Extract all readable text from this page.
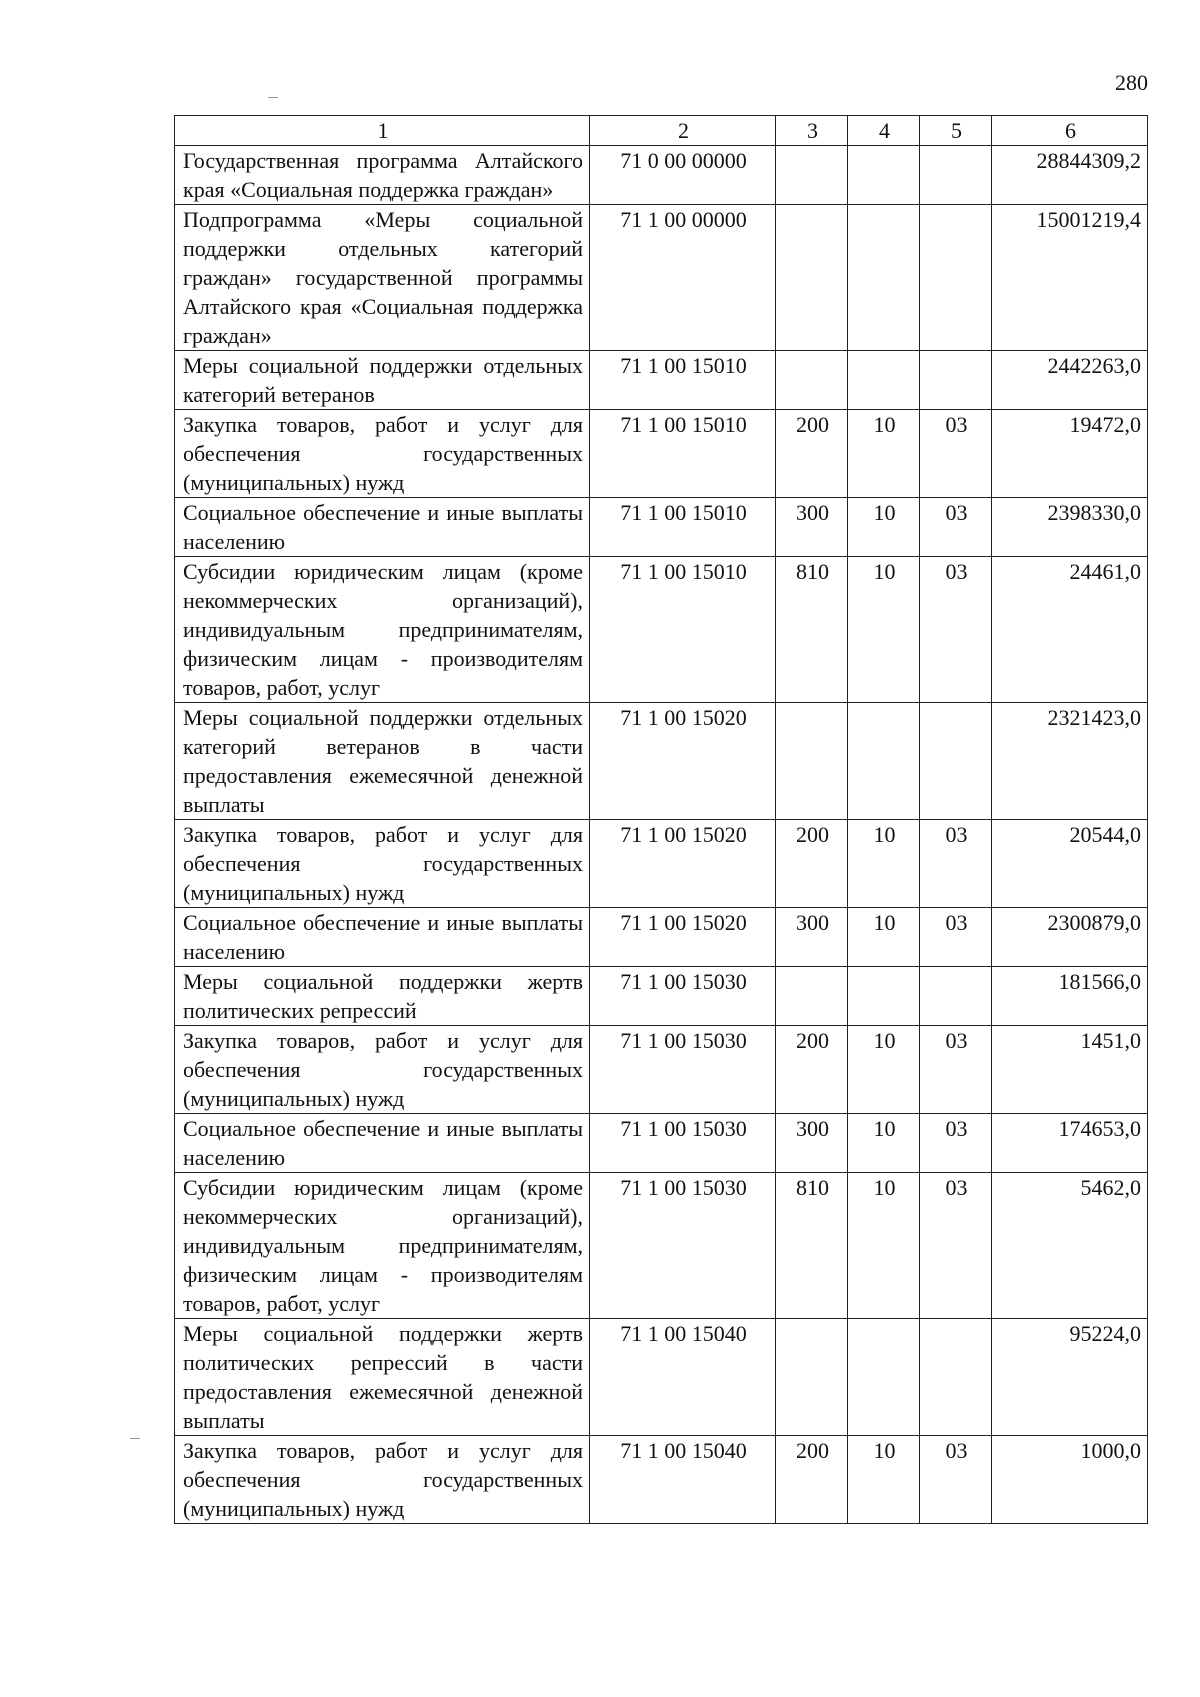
280
1	2	3	4	5	6
Государственная программа Алтайского края «Социальная поддержка граждан»	71 0 00 00000				28844309,2
Подпрограмма «Меры социальной поддержки отдельных категорий граждан» государственной программы Алтайского края «Социальная поддержка граждан»	71 1 00 00000				15001219,4
Меры социальной поддержки отдельных категорий ветеранов	71 1 00 15010				2442263,0
Закупка товаров, работ и услуг для обеспечения государственных (муниципальных) нужд	71 1 00 15010	200	10	03	19472,0
Социальное обеспечение и иные выплаты населению	71 1 00 15010	300	10	03	2398330,0
Субсидии юридическим лицам (кроме некоммерческих организаций), индивидуальным предпринимателям, физическим лицам - производителям товаров, работ, услуг	71 1 00 15010	810	10	03	24461,0
Меры социальной поддержки отдельных категорий ветеранов в части предоставления ежемесячной денежной выплаты	71 1 00 15020				2321423,0
Закупка товаров, работ и услуг для обеспечения государственных (муниципальных) нужд	71 1 00 15020	200	10	03	20544,0
Социальное обеспечение и иные выплаты населению	71 1 00 15020	300	10	03	2300879,0
Меры социальной поддержки жертв политических репрессий	71 1 00 15030				181566,0
Закупка товаров, работ и услуг для обеспечения государственных (муниципальных) нужд	71 1 00 15030	200	10	03	1451,0
Социальное обеспечение и иные выплаты населению	71 1 00 15030	300	10	03	174653,0
Субсидии юридическим лицам (кроме некоммерческих организаций), индивидуальным предпринимателям, физическим лицам - производителям товаров, работ, услуг	71 1 00 15030	810	10	03	5462,0
Меры социальной поддержки жертв политических репрессий в части предоставления ежемесячной денежной выплаты	71 1 00 15040				95224,0
Закупка товаров, работ и услуг для обеспечения государственных (муниципальных) нужд	71 1 00 15040	200	10	03	1000,0
